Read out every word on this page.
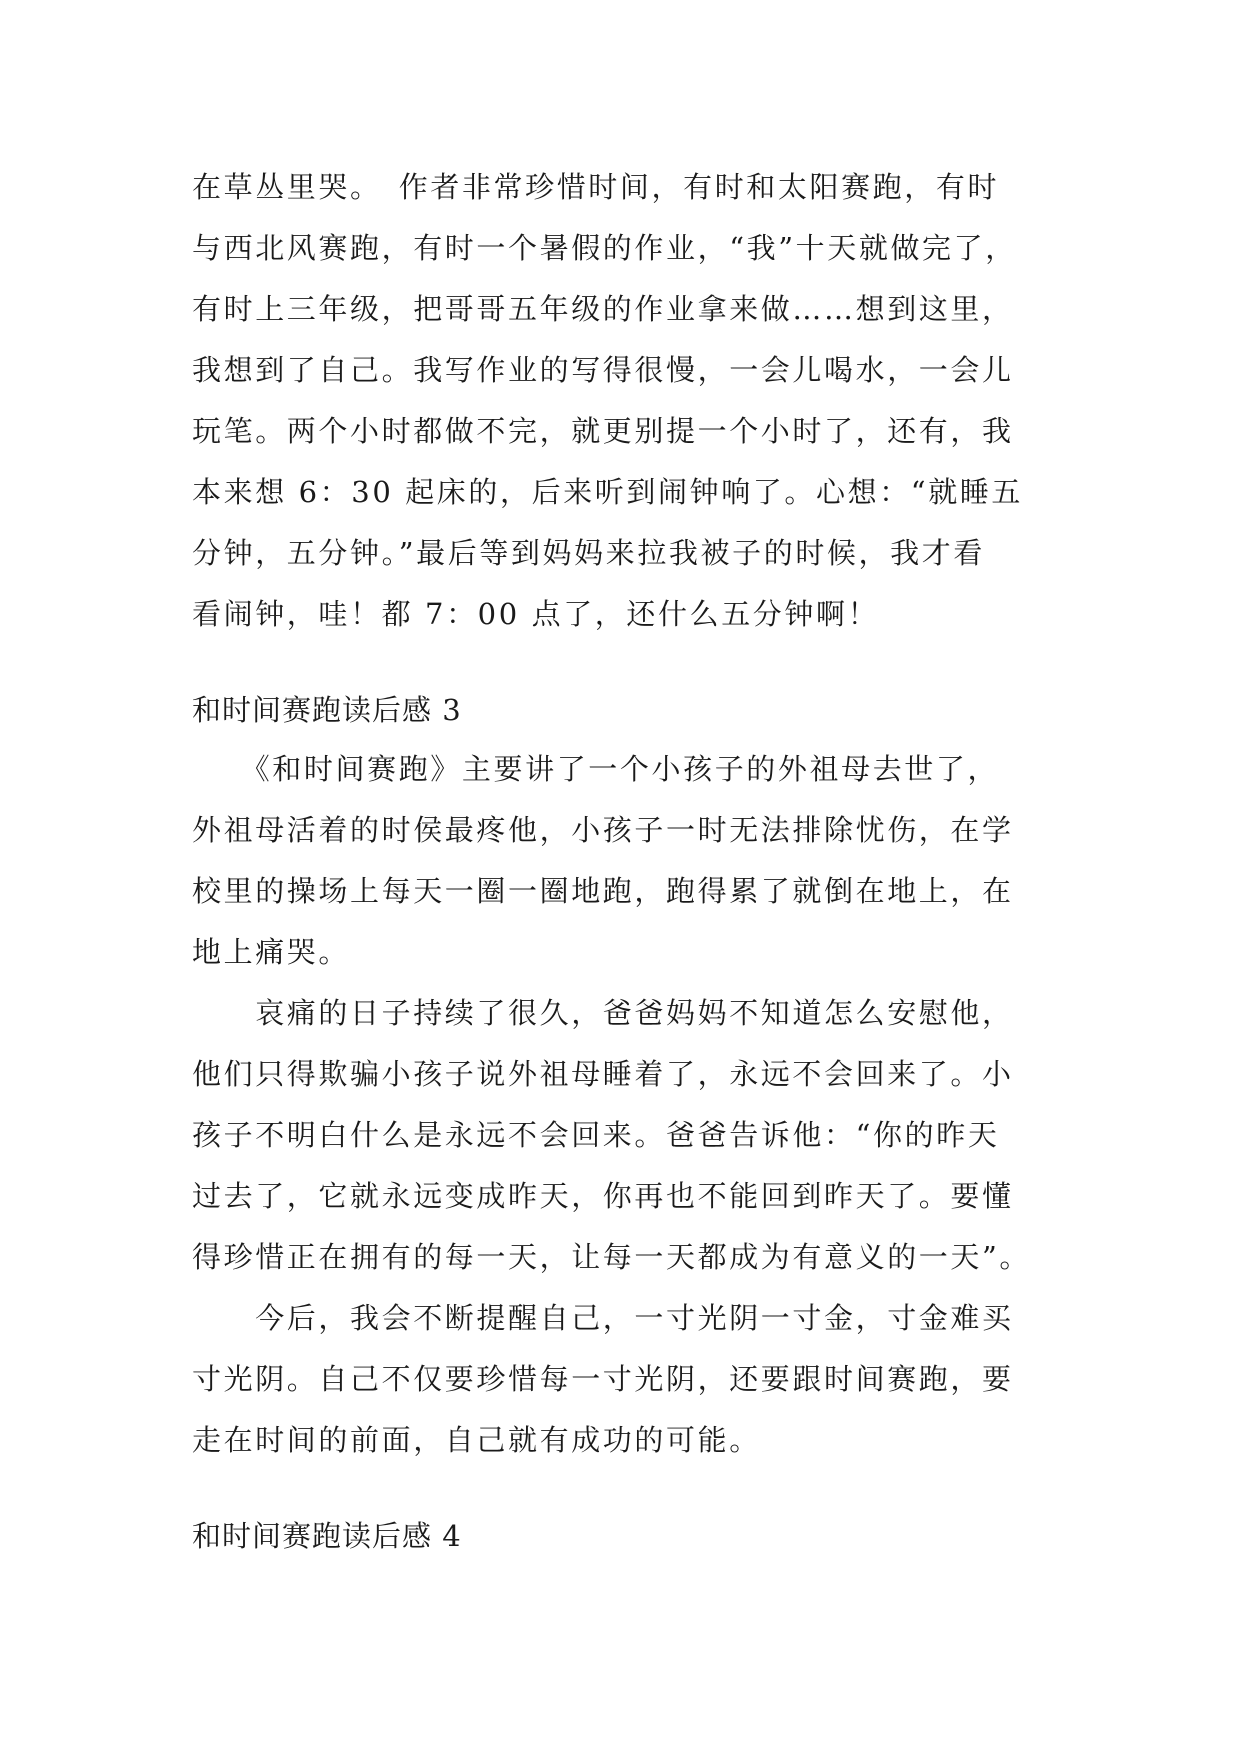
在草丛里哭。　作者非常珍惜时间，有时和太阳赛跑，有时
与西北风赛跑，有时一个暑假的作业，“我”十天就做完了，
有时上三年级，把哥哥五年级的作业拿来做……想到这里，
我想到了自己。我写作业的写得很慢，一会儿喝水，一会儿
玩笔。两个小时都做不完，就更别提一个小时了，还有，我
本来想 6：30 起床的，后来听到闹钟响了。心想：“就睡五
分钟，五分钟。”最后等到妈妈来拉我被子的时候，我才看
看闹钟，哇！都 7：00 点了，还什么五分钟啊！
和时间赛跑读后感 3
　　《和时间赛跑》主要讲了一个小孩子的外祖母去世了，
外祖母活着的时侯最疼他，小孩子一时无法排除忧伤，在学
校里的操场上每天一圈一圈地跑，跑得累了就倒在地上，在
地上痛哭。
　　哀痛的日子持续了很久，爸爸妈妈不知道怎么安慰他，
他们只得欺骗小孩子说外祖母睡着了，永远不会回来了。小
孩子不明白什么是永远不会回来。爸爸告诉他：“你的昨天
过去了，它就永远变成昨天，你再也不能回到昨天了。要懂
得珍惜正在拥有的每一天，让每一天都成为有意义的一天”。
　　今后，我会不断提醒自己，一寸光阴一寸金，寸金难买
寸光阴。自己不仅要珍惜每一寸光阴，还要跟时间赛跑，要
走在时间的前面，自己就有成功的可能。
和时间赛跑读后感 4
